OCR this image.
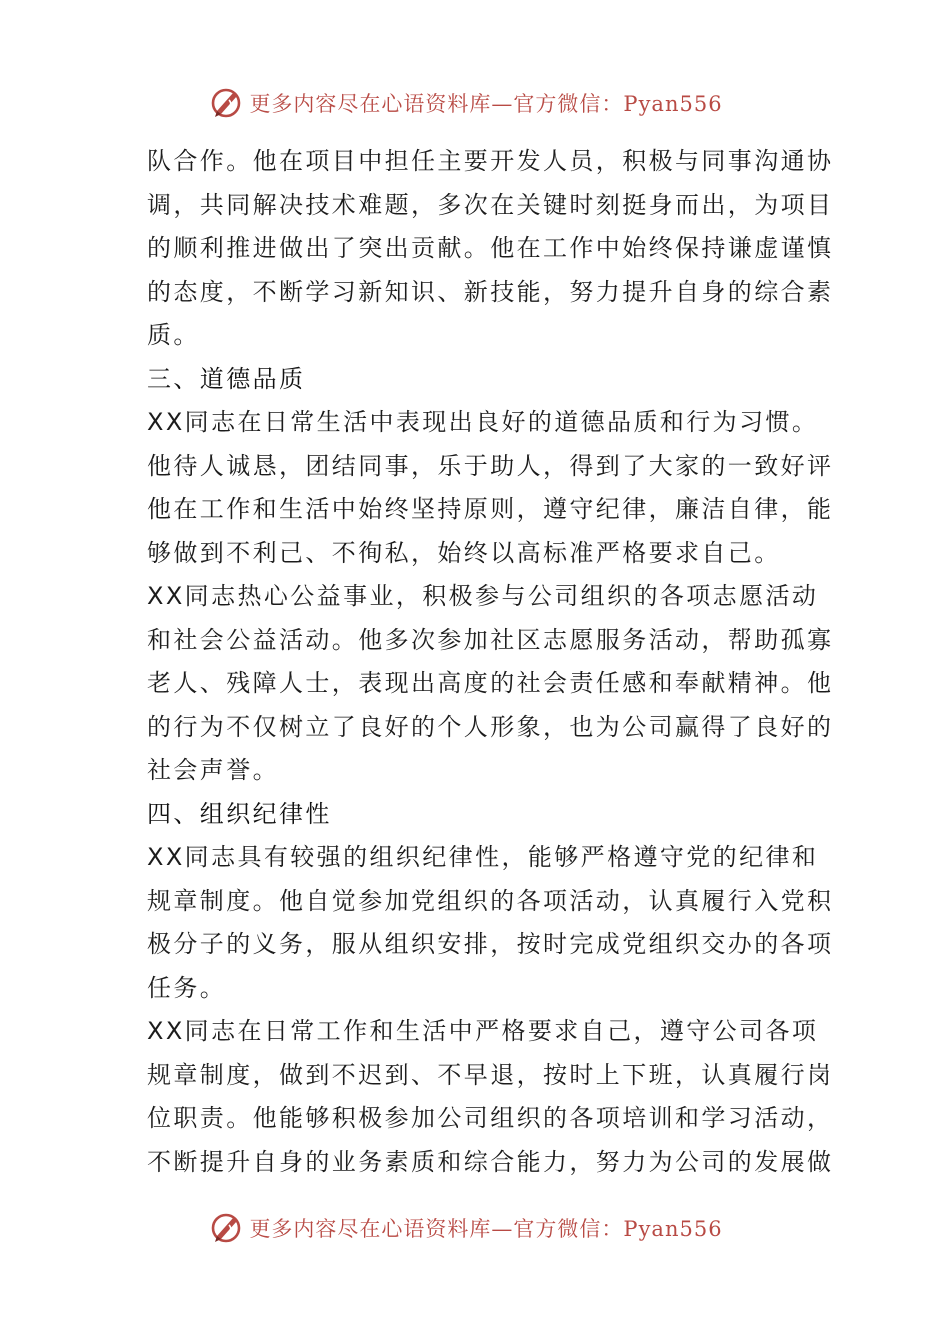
更多内容尽在心语资料库—官方微信：Pyan556

队合作。他在项目中担任主要开发人员，积极与同事沟通协

调，共同解决技术难题，多次在关键时刻挺身而出，为项目

的顺利推进做出了突出贡献。他在工作中始终保持谦虚谨慎

的态度，不断学习新知识、新技能，努力提升自身的综合素

质。

三、道德品质

XX同志在日常生活中表现出良好的道德品质和行为习惯。

他待人诚恳，团结同事，乐于助人，得到了大家的一致好评

他在工作和生活中始终坚持原则，遵守纪律，廉洁自律，能

够做到不利己、不徇私，始终以高标准严格要求自己。

XX同志热心公益事业，积极参与公司组织的各项志愿活动

和社会公益活动。他多次参加社区志愿服务活动，帮助孤寡

老人、残障人士，表现出高度的社会责任感和奉献精神。他

的行为不仅树立了良好的个人形象，也为公司赢得了良好的

社会声誉。

四、组织纪律性

XX同志具有较强的组织纪律性，能够严格遵守党的纪律和

规章制度。他自觉参加党组织的各项活动，认真履行入党积

极分子的义务，服从组织安排，按时完成党组织交办的各项

任务。

XX同志在日常工作和生活中严格要求自己，遵守公司各项

规章制度，做到不迟到、不早退，按时上下班，认真履行岗

位职责。他能够积极参加公司组织的各项培训和学习活动，

不断提升自身的业务素质和综合能力，努力为公司的发展做

更多内容尽在心语资料库—官方微信：Pyan556
